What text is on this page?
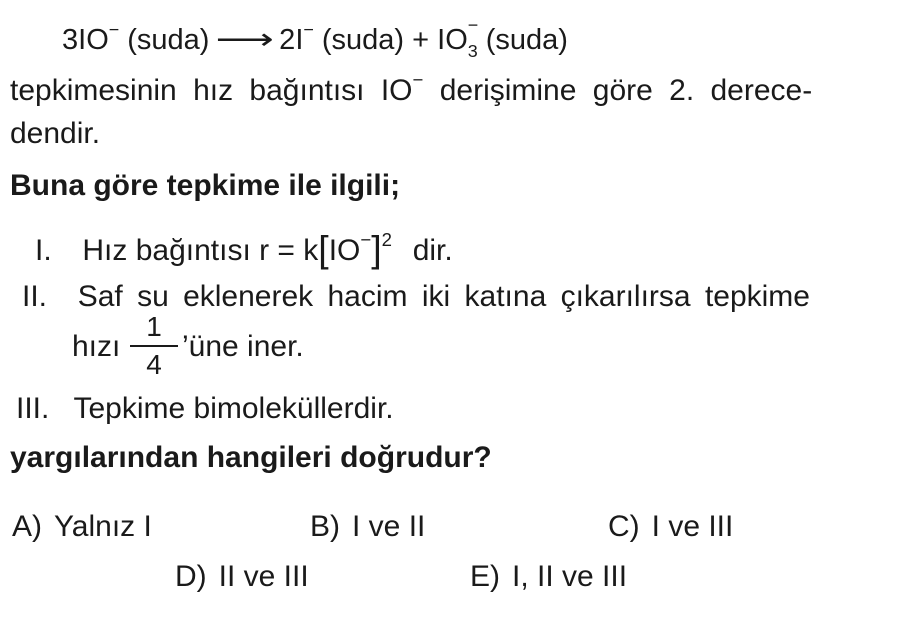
3IO− (suda) ⟶ 2I− (suda) + IO −
3 (suda)
tepkimesinin hız bağıntısı IO− derişimine göre 2. derece-
dendir.
Buna göre tepkime ile ilgili;
I. Hız bağıntısı $r = k[IO^-]^2$ dir.
II. Saf su eklenerek hacim iki katına çıkarılırsa tepkime
hızı
1
4
’üne iner.
III. Tepkime bimoleküllerdir.
yargılarından hangileri doğrudur?
A) Yalnız I	B) I ve II	C) I ve III
D) II ve III	E) I, II ve III
